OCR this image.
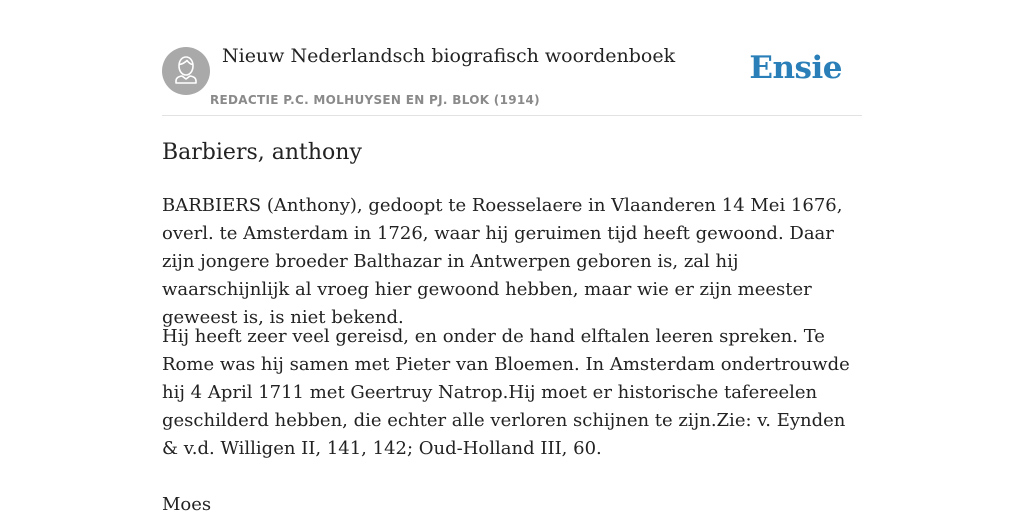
Nieuw Nederlandsch biografisch woordenboek
REDACTIE P.C. MOLHUYSEN EN PJ. BLOK (1914)
Ensie
Barbiers, anthony

BARBIERS (Anthony), gedoopt te Roesselaere in Vlaanderen 14 Mei 1676, overl. te Amsterdam in 1726, waar hij geruimen tijd heeft gewoond. Daar zijn jongere broeder Balthazar in Antwerpen geboren is, zal hij waarschijnlijk al vroeg hier gewoond hebben, maar wie er zijn meester geweest is, is niet bekend.

Hij heeft zeer veel gereisd, en onder de hand elftalen leeren spreken. Te Rome was hij samen met Pieter van Bloemen. In Amsterdam ondertrouwde hij 4 April 1711 met Geertruy Natrop.Hij moet er historische tafereelen geschilderd hebben, die echter alle verloren schijnen te zijn.Zie: v. Eynden & v.d. Willigen II, 141, 142; Oud-Holland III, 60.

Moes
